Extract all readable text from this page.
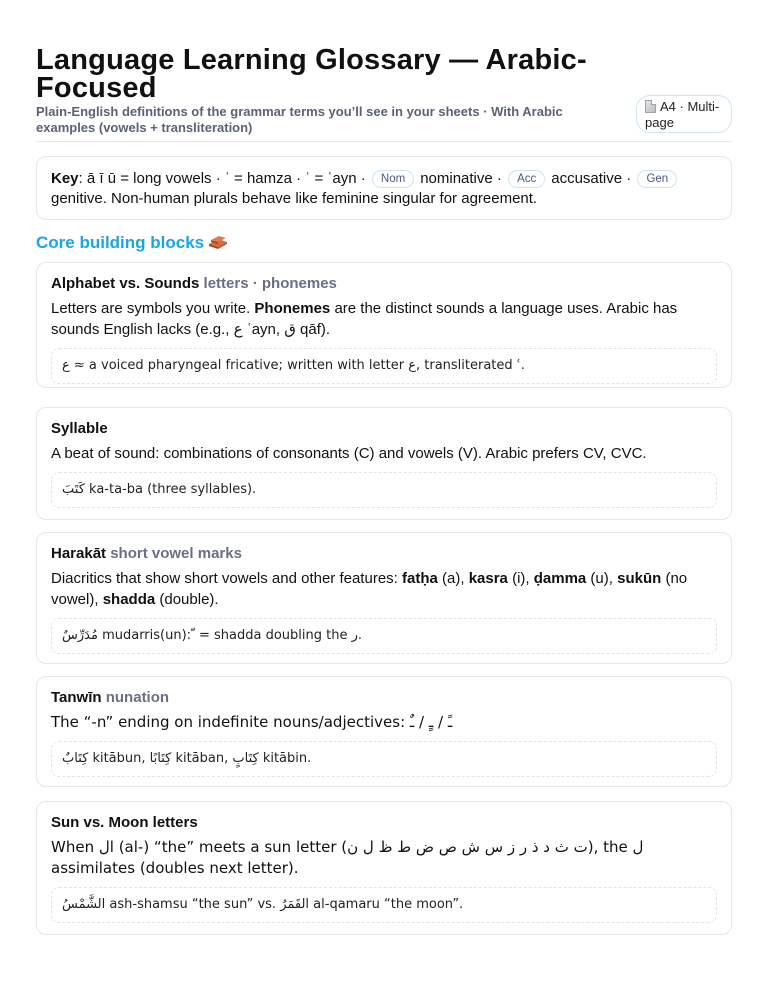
Language Learning Glossary — Arabic-Focused
Plain-English definitions of the grammar terms you’ll see in your sheets · With Arabic examples (vowels + transliteration)
A4 · Multi-page
Key: ā ī ū = long vowels · ʾ = hamza · ʿ = ʿayn · Nom nominative · Acc accusative · Gengenitive. Non-human plurals behave like feminine singular for agreement.
Core building blocks
Alphabet vs. Sounds letters · phonemes
Letters are symbols you write. Phonemes are the distinct sounds a language uses. Arabic has sounds English lacks (e.g., ع ʿayn, ق qāf).
ع ≈ a voiced pharyngeal fricative; written with letter ع, transliterated ʿ.
Syllable
A beat of sound: combinations of consonants (C) and vowels (V). Arabic prefers CV, CVC.
كَتَبَ ka-ta-ba (three syllables).
Harakāt short vowel marks
Diacritics that show short vowels and other features: fatḥa (a), kasra (i), ḍamma (u), sukūn (no vowel), shadda (double).
مُدَرِّسٌ mudarris(un): ّ = shadda doubling the ر.
Tanwīn nunation
The “-n” ending on indefinite nouns/adjectives: ـً / ـٍ / ـٌ
كِتَابٌ kitābun, كِتَابًا kitāban, كِتَابٍ kitābin.
Sun vs. Moon letters
When ال (al-) “the” meets a sun letter (ت ث د ذ ر ز س ش ص ض ط ظ ل ن), the ل assimilates (doubles next letter).
الشَّمْسُ ash-shamsu “the sun” vs. القَمَرُ al-qamaru “the moon”.
